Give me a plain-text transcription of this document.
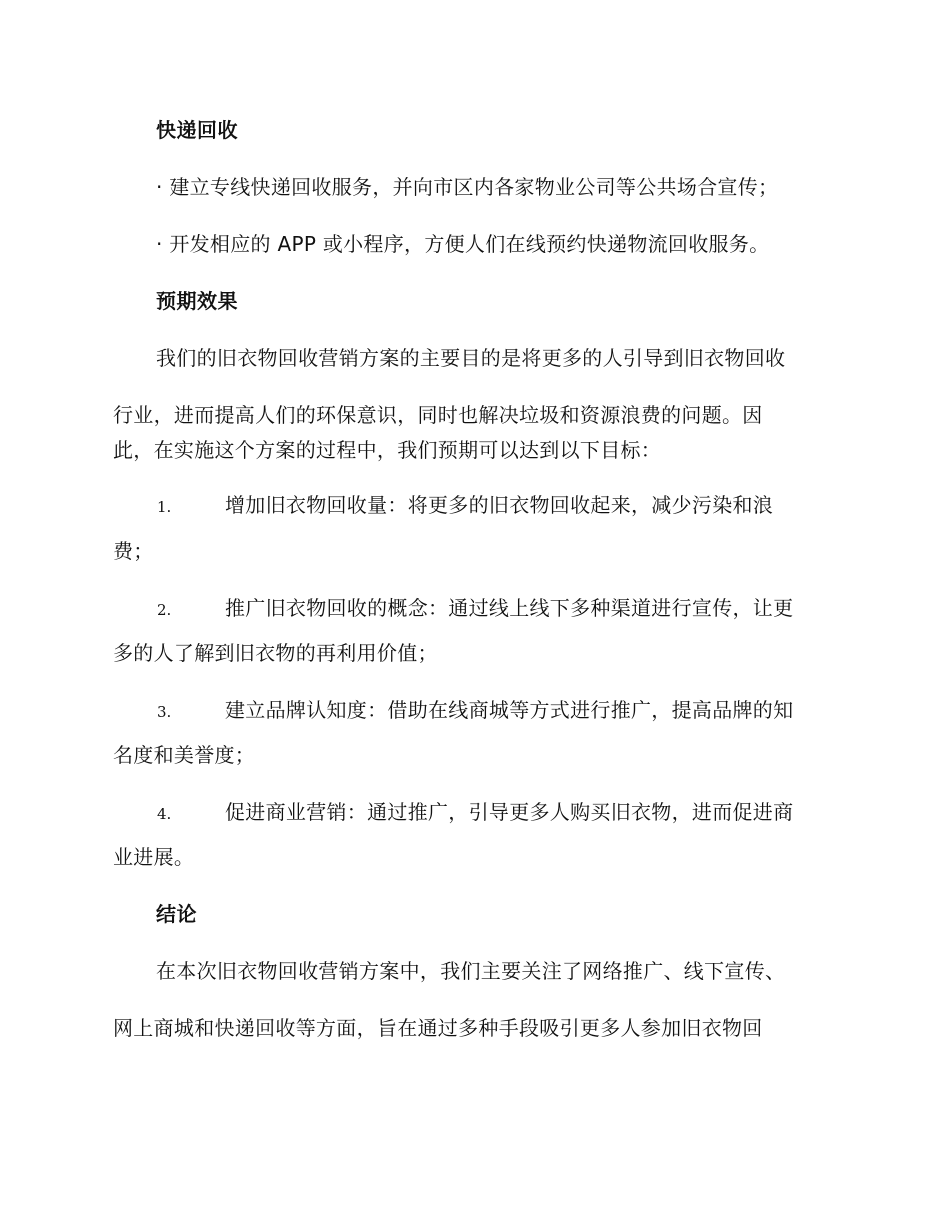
快递回收
· 建立专线快递回收服务，并向市区内各家物业公司等公共场合宣传；
· 开发相应的 APP 或小程序，方便人们在线预约快递物流回收服务。
预期效果
我们的旧衣物回收营销方案的主要目的是将更多的人引导到旧衣物回收
行业，进而提高人们的环保意识，同时也解决垃圾和资源浪费的问题。因
此，在实施这个方案的过程中，我们预期可以达到以下目标：
1.	增加旧衣物回收量：将更多的旧衣物回收起来，减少污染和浪
费；
2.	推广旧衣物回收的概念：通过线上线下多种渠道进行宣传，让更
多的人了解到旧衣物的再利用价值；
3.	建立品牌认知度：借助在线商城等方式进行推广，提高品牌的知
名度和美誉度；
4.	促进商业营销：通过推广，引导更多人购买旧衣物，进而促进商
业进展。
结论
在本次旧衣物回收营销方案中，我们主要关注了网络推广、线下宣传、
网上商城和快递回收等方面，旨在通过多种手段吸引更多人参加旧衣物回
